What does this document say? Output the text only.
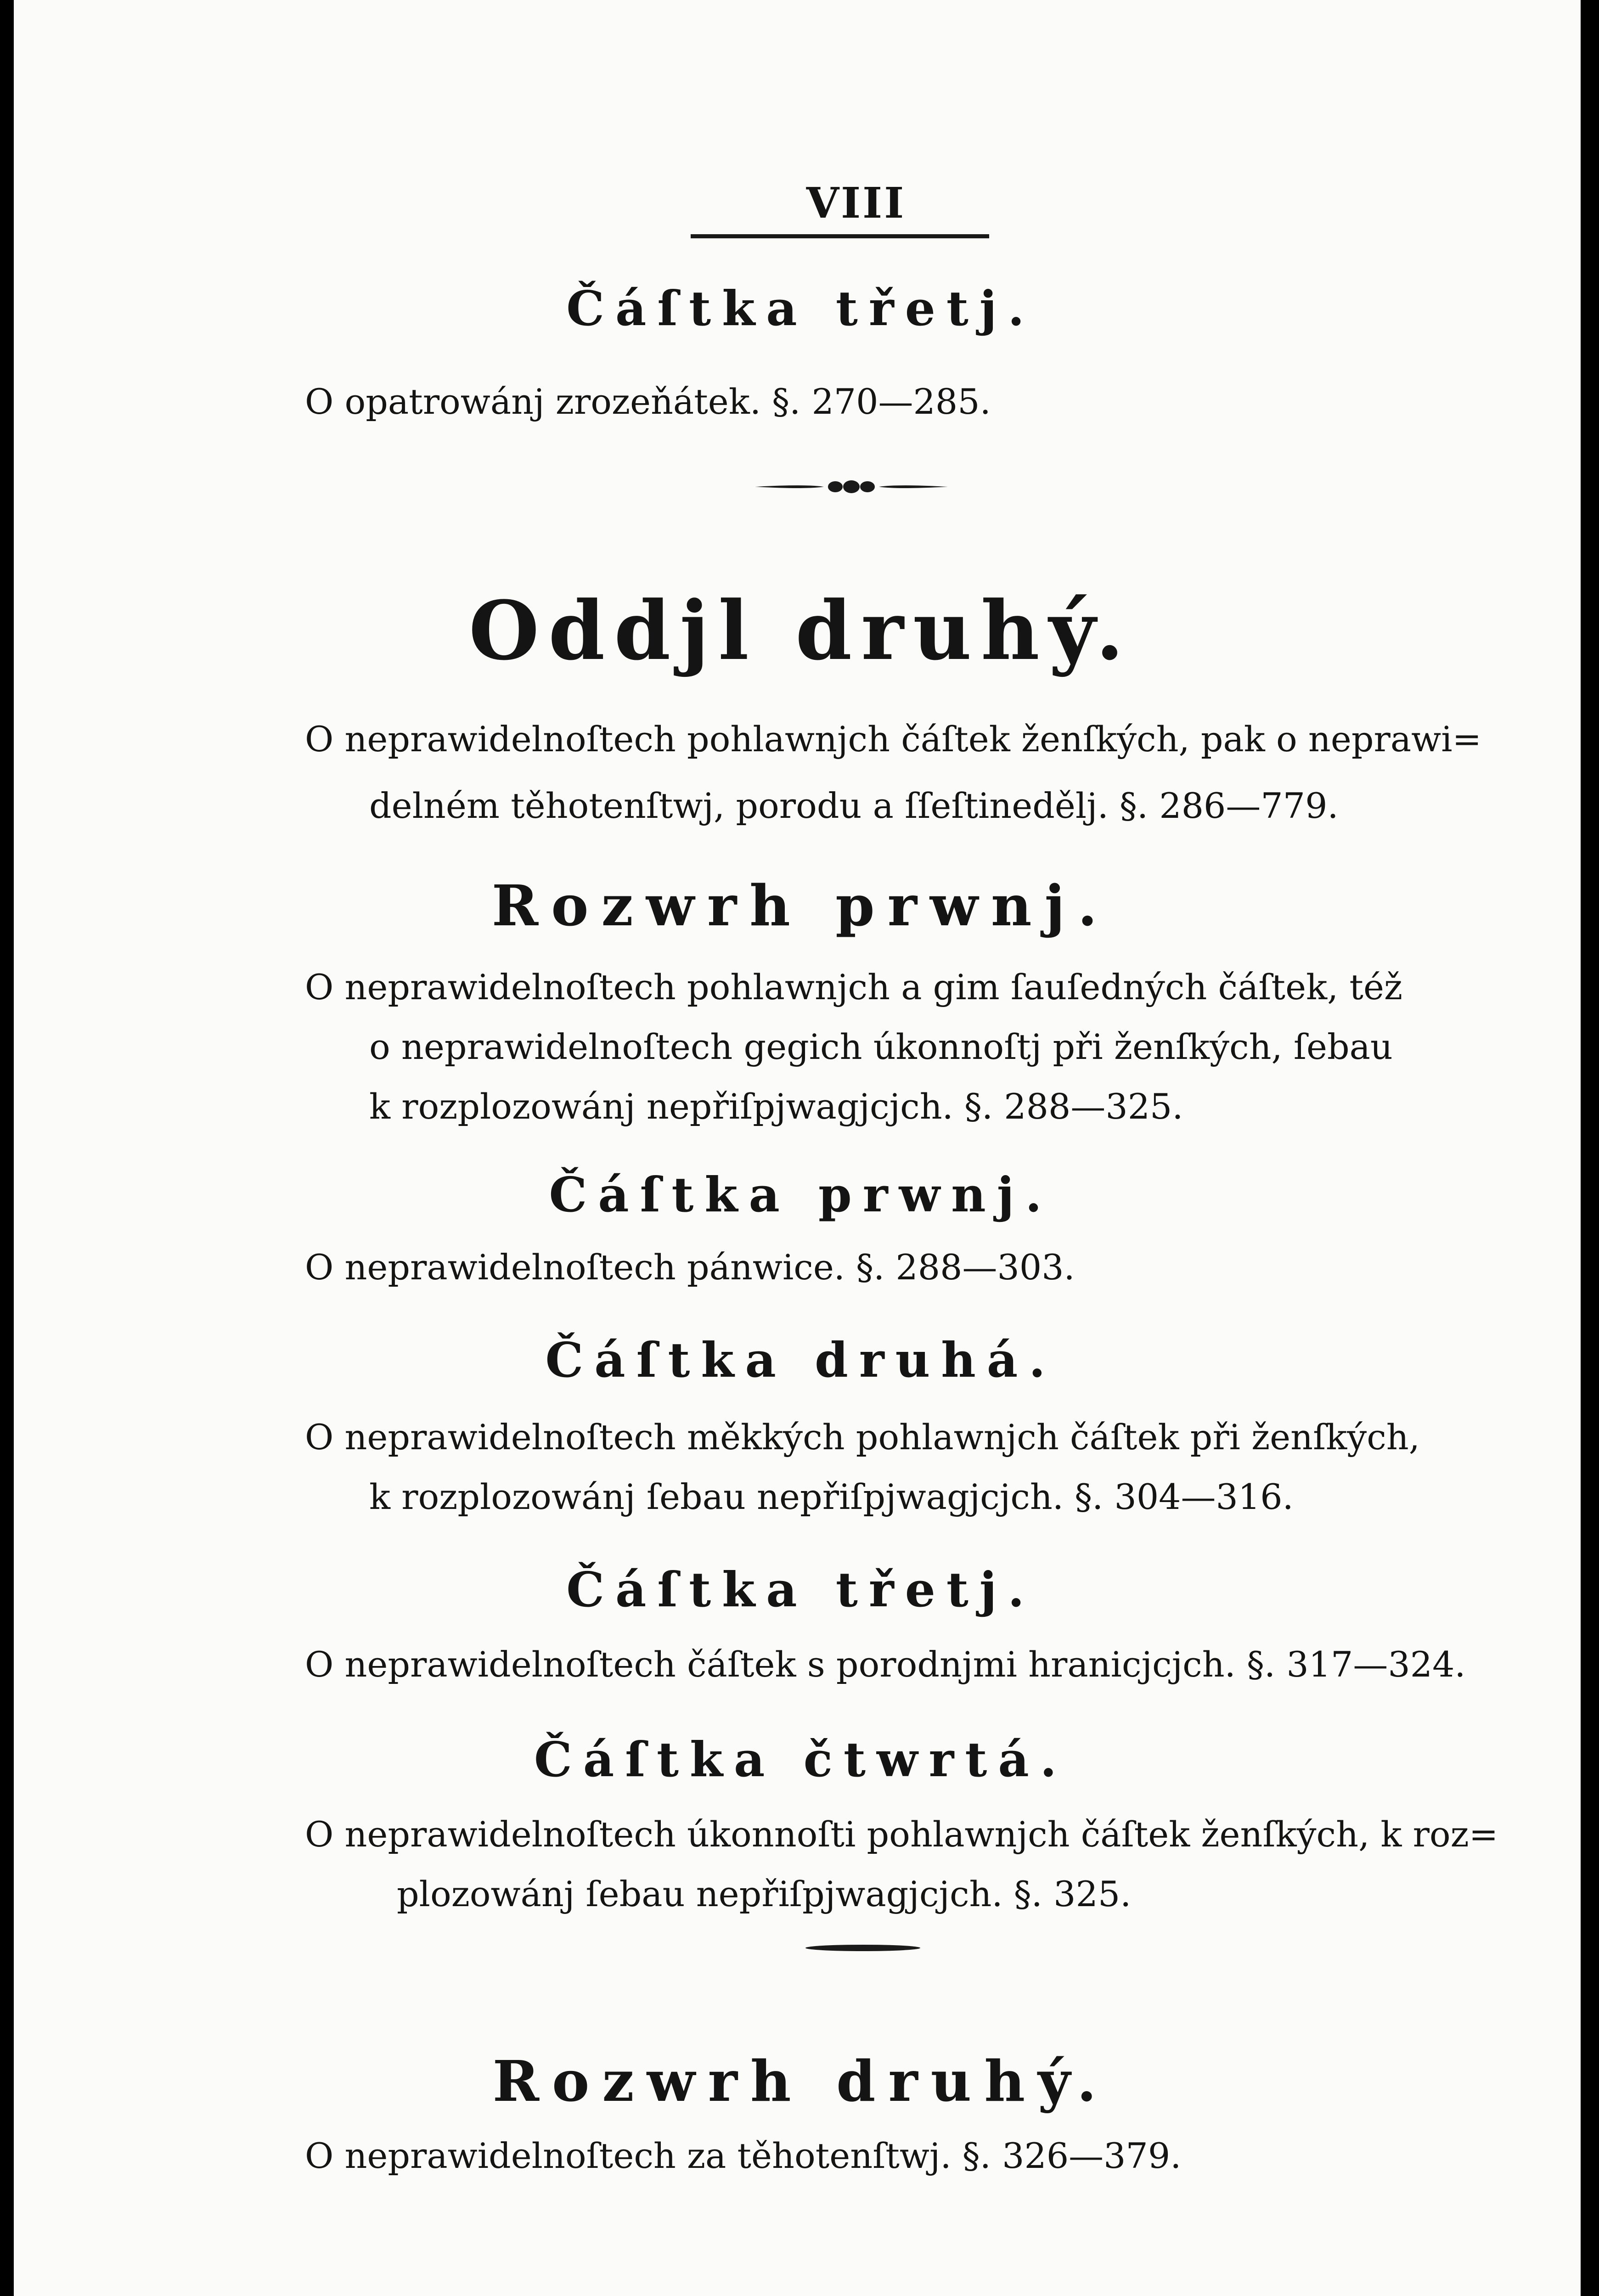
VIII
Čáſtka třetj.
O opatrowánj zrozeňátek. §. 270—285.
Oddjl druhý.
O neprawidelnoſtech pohlawnjch čáſtek ženſkých, pak o neprawi=
delném těhotenſtwj, porodu a ſſeſtinedělj. §. 286—779.
Rozwrh prwnj.
O neprawidelnoſtech pohlawnjch a gim ſauſedných čáſtek, též
o neprawidelnoſtech gegich úkonnoſtj při ženſkých, ſebau
k rozplozowánj nepřiſpjwagjcjch. §. 288—325.
Čáſtka prwnj.
O neprawidelnoſtech pánwice. §. 288—303.
Čáſtka druhá.
O neprawidelnoſtech měkkých pohlawnjch čáſtek při ženſkých,
k rozplozowánj ſebau nepřiſpjwagjcjch. §. 304—316.
Čáſtka třetj.
O neprawidelnoſtech čáſtek s porodnjmi hranicjcjch. §. 317—324.
Čáſtka čtwrtá.
O neprawidelnoſtech úkonnoſti pohlawnjch čáſtek ženſkých, k roz=
plozowánj ſebau nepřiſpjwagjcjch. §. 325.
Rozwrh druhý.
O neprawidelnoſtech za těhotenſtwj. §. 326—379.
